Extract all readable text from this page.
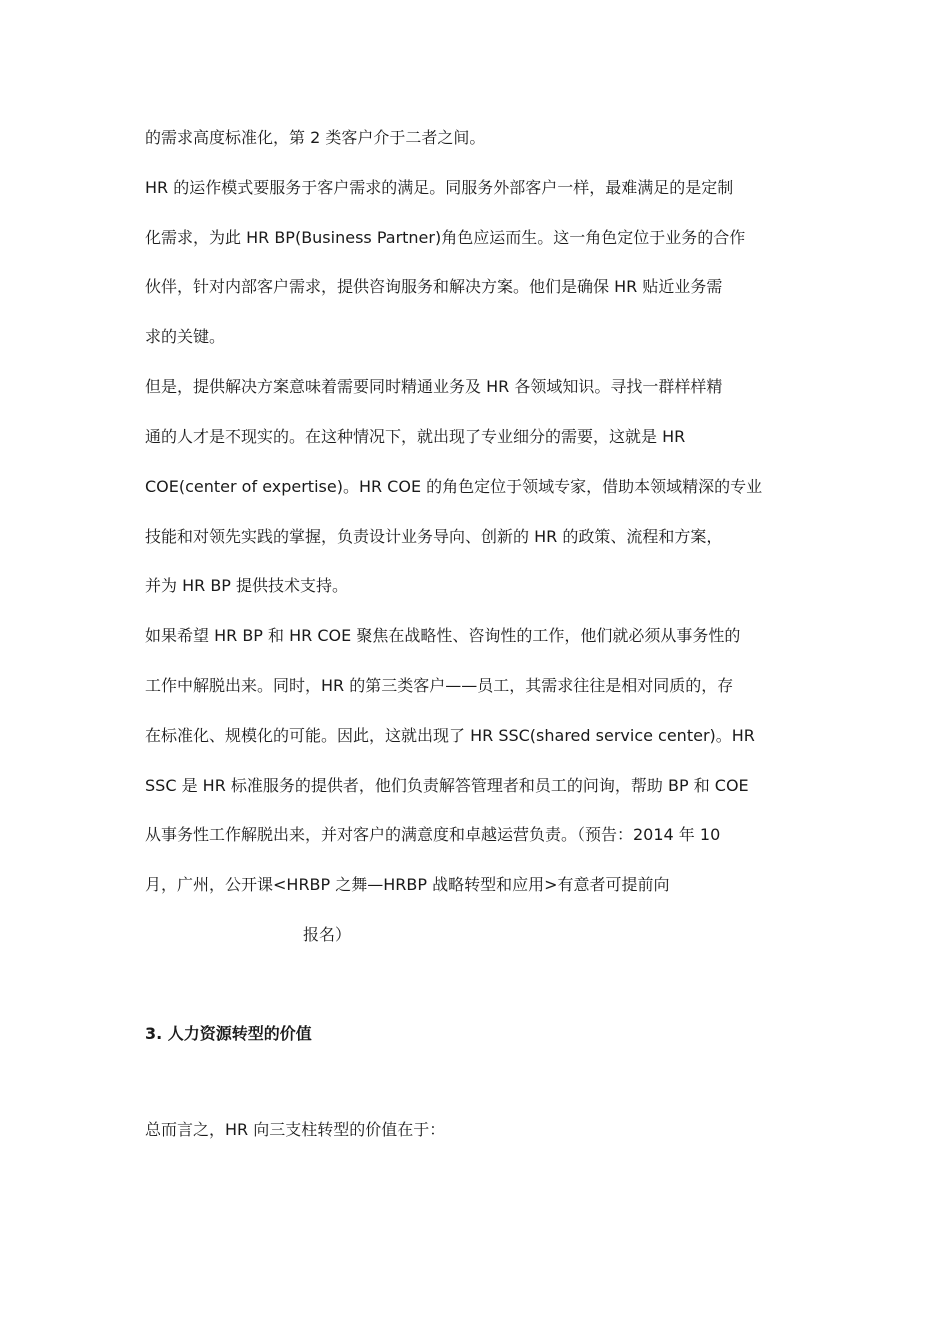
的需求高度标准化，第 2 类客户介于二者之间。
HR 的运作模式要服务于客户需求的满足。同服务外部客户一样，最难满足的是定制
化需求，为此 HR BP(Business Partner)角色应运而生。这一角色定位于业务的合作
伙伴，针对内部客户需求，提供咨询服务和解决方案。他们是确保 HR 贴近业务需
求的关键。
但是，提供解决方案意味着需要同时精通业务及 HR 各领域知识。寻找一群样样精
通的人才是不现实的。在这种情况下，就出现了专业细分的需要，这就是 HR
COE(center of expertise)。HR COE 的角色定位于领域专家，借助本领域精深的专业
技能和对领先实践的掌握，负责设计业务导向、创新的 HR 的政策、流程和方案，
并为 HR BP 提供技术支持。
如果希望 HR BP 和 HR COE 聚焦在战略性、咨询性的工作，他们就必须从事务性的
工作中解脱出来。同时，HR 的第三类客户——员工，其需求往往是相对同质的，存
在标准化、规模化的可能。因此，这就出现了 HR SSC(shared service center)。HR
SSC 是 HR 标准服务的提供者，他们负责解答管理者和员工的问询，帮助 BP 和 COE
从事务性工作解脱出来，并对客户的满意度和卓越运营负责。（预告：2014 年 10
月，广州，公开课<HRBP 之舞—HRBP 战略转型和应用>有意者可提前向
报名）
3. 人力资源转型的价值
总而言之，HR 向三支柱转型的价值在于：
